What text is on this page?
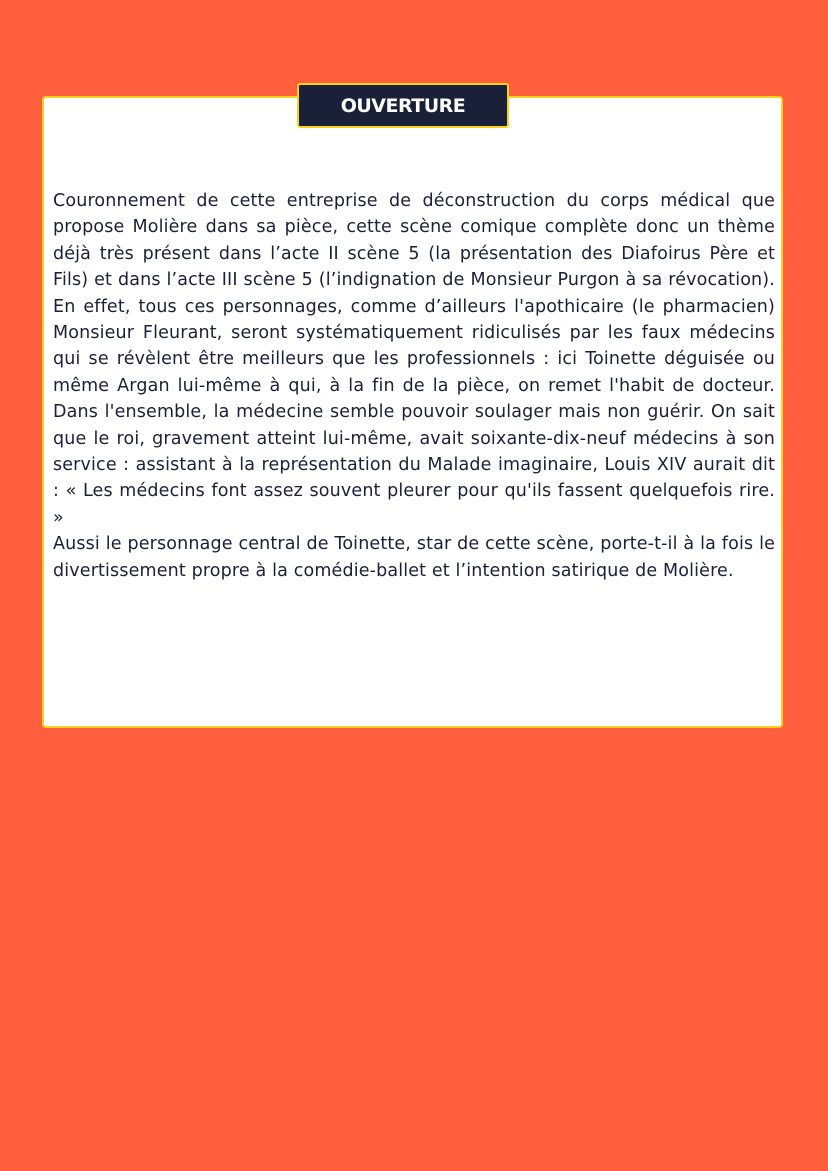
Couronnement de cette entreprise de déconstruction du corps médical que propose Molière dans sa pièce, cette scène comique complète donc un thème déjà très présent dans l’acte II scène 5 (la présentation des Diafoirus Père et Fils) et dans l’acte III scène 5 (l’indignation de Monsieur Purgon à sa révocation). En effet, tous ces personnages, comme d’ailleurs l'apothicaire (le pharmacien) Monsieur Fleurant, seront systématiquement ridiculisés par les faux médecins qui se révèlent être meilleurs que les professionnels : ici Toinette déguisée ou même Argan lui-même à qui, à la fin de la pièce, on remet l'habit de docteur. Dans l'ensemble, la médecine semble pouvoir soulager mais non guérir. On sait que le roi, gravement atteint lui-même, avait soixante-dix-neuf médecins à son service : assistant à la représentation du Malade imaginaire, Louis XIV aurait dit : « Les médecins font assez souvent pleurer pour qu'ils fassent quelquefois rire. »

Aussi le personnage central de Toinette, star de cette scène, porte-t-il à la fois le divertissement propre à la comédie-ballet et l’intention satirique de Molière.

OUVERTURE
